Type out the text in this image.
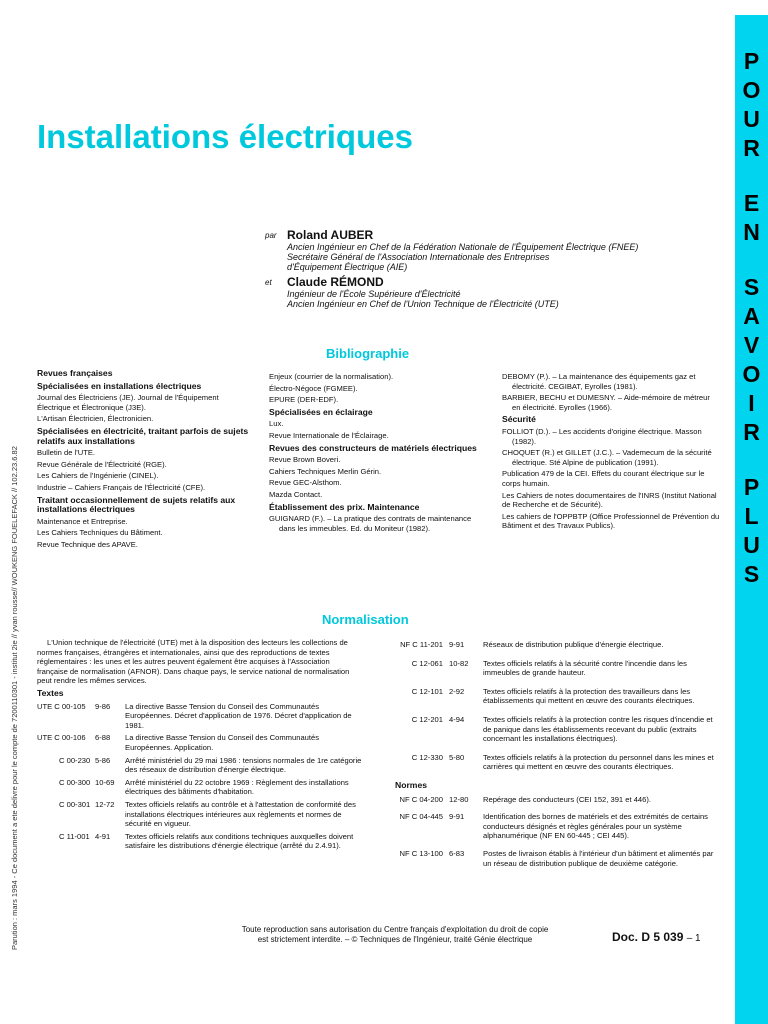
P
O
U
R
E
N
S
A
V
O
I
R
P
L
U
S
Parution : mars 1994 - Ce document a ete delivre pour le compte de 7200110301 - institut 2ie // yvan rousse// WOUKENG FOUELEFACK // 102.23.6.82
Installations électriques
par Roland AUBER
Ancien Ingénieur en Chef de la Fédération Nationale de l'Équipement Électrique (FNEE)
Secrétaire Général de l'Association Internationale des Entreprises
d'Équipement Électrique (AIE)
et	Claude RÉMOND
Ingénieur de l'École Supérieure d'Électricité
Ancien Ingénieur en Chef de l'Union Technique de l'Électricité (UTE)
Bibliographie
Revues françaises
Spécialisées en installations électriques
Journal des Électriciens (JE). Journal de l'Équipement Électrique et Électronique (J3E).
L'Artisan Électricien, Électronicien.
Spécialisées en électricité, traitant parfois de sujets relatifs aux installations
Bulletin de l'UTE.
Revue Générale de l'Électricité (RGE).
Les Cahiers de l'Ingénierie (CINEL).
Industrie – Cahiers Français de l'Électricité (CFE).
Traitant occasionnellement de sujets relatifs aux installations électriques
Maintenance et Entreprise.
Les Cahiers Techniques du Bâtiment.
Revue Technique des APAVE.
Enjeux (courrier de la normalisation).
Électro-Négoce (FGMEE).
EPURE (DER-EDF).
Spécialisées en éclairage
Lux.
Revue Internationale de l'Éclairage.
Revues des constructeurs de matériels électriques
Revue Brown Boveri.
Cahiers Techniques Merlin Gérin.
Revue GEC-Alsthom.
Mazda Contact.
Établissement des prix. Maintenance
GUIGNARD (F.). – La pratique des contrats de maintenance dans les immeubles. Ed. du Moniteur (1982).
DEBOMY (P.). – La maintenance des équipements gaz et électricité. CEGIBAT, Eyrolles (1981).
BARBIER, BECHU et DUMESNY. – Aide-mémoire de métreur en électricité. Eyrolles (1966).
Sécurité
FOLLIOT (D.). – Les accidents d'origine électrique. Masson (1982).
CHOQUET (R.) et GILLET (J.C.). – Vademecum de la sécurité électrique. Sté Alpine de publication (1991).
Publication 479 de la CEI. Effets du courant électrique sur le corps humain.
Les Cahiers de notes documentaires de l'INRS (Institut National de Recherche et de Sécurité).
Les cahiers de l'OPPBTP (Office Professionnel de Prévention du Bâtiment et des Travaux Publics).
Normalisation
L'Union technique de l'électricité (UTE) met à la disposition des lecteurs les collections de normes françaises, étrangères et internationales, ainsi que des reproductions de textes réglementaires : les unes et les autres peuvent également être acquises à l'Association française de normalisation (AFNOR). Dans chaque pays, le service national de normalisation peut rendre les mêmes services.
Textes
UTE C 00-105	9-86	La directive Basse Tension du Conseil des Communautés Européennes. Décret d'application de 1976. Décret d'application de 1981.
UTE C 00-106	6-88	La directive Basse Tension du Conseil des Communautés Européennes. Application.
C 00-230 5-86	Arrêté ministériel du 29 mai 1986 : tensions normales de 1re catégorie des réseaux de distribution d'énergie électrique.
C 00-300 10-69	Arrêté ministériel du 22 octobre 1969 : Règlement des installations électriques des bâtiments d'habitation.
C 00-301 12-72	Textes officiels relatifs au contrôle et à l'attestation de conformité des installations électriques intérieures aux règlements et normes de sécurité en vigueur.
C 11-001 4-91	Textes officiels relatifs aux conditions techniques auxquelles doivent satisfaire les distributions d'énergie électrique (arrêté du 2.4.91).
NF C 11-201 9-91	Réseaux de distribution publique d'énergie électrique.
C 12-061 10-82	Textes officiels relatifs à la sécurité contre l'incendie dans les immeubles de grande hauteur.
C 12-101 2-92	Textes officiels relatifs à la protection des travailleurs dans les établissements qui mettent en œuvre des courants électriques.
C 12-201 4-94	Textes officiels relatifs à la protection contre les risques d'incendie et de panique dans les établissements recevant du public (extraits concernant les installations électriques).
C 12-330 5-80	Textes officiels relatifs à la protection du personnel dans les mines et carrières qui mettent en œuvre des courants électriques.
Normes
NF C 04-200 12-80	Repérage des conducteurs (CEI 152, 391 et 446).
NF C 04-445 9-91	Identification des bornes de matériels et des extrémités de certains conducteurs désignés et règles générales pour un système alphanumérique (NF EN 60-445 ; CEI 445).
NF C 13-100 6-83	Postes de livraison établis à l'intérieur d'un bâtiment et alimentés par un réseau de distribution publique de deuxième catégorie.
Toute reproduction sans autorisation du Centre français d'exploitation du droit de copie
est strictement interdite. – © Techniques de l'Ingénieur, traité Génie électrique	Doc. D 5 039 – 1
